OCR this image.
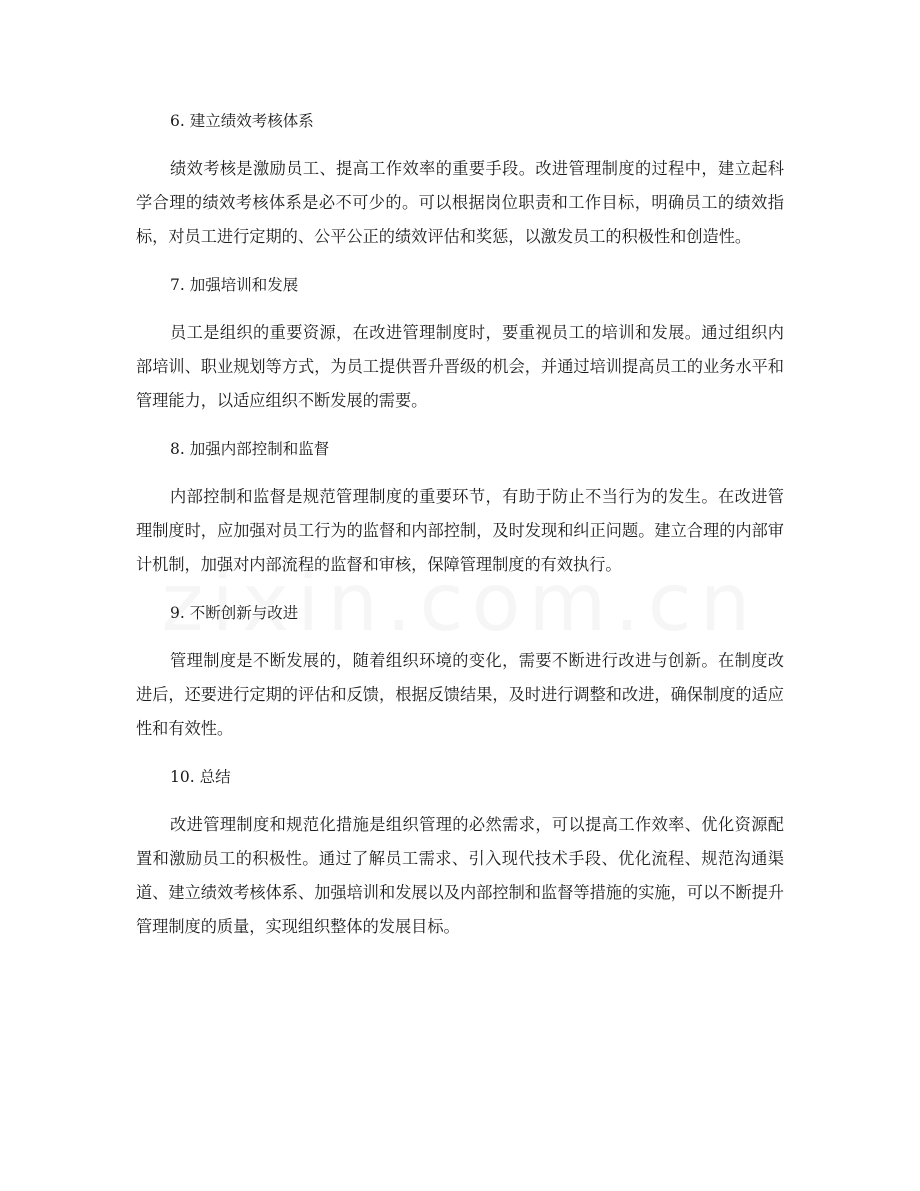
6. 建立绩效考核体系

绩效考核是激励员工、提高工作效率的重要手段。改进管理制度的过程中，建立起科学合理的绩效考核体系是必不可少的。可以根据岗位职责和工作目标，明确员工的绩效指标，对员工进行定期的、公平公正的绩效评估和奖惩，以激发员工的积极性和创造性。

7. 加强培训和发展

员工是组织的重要资源，在改进管理制度时，要重视员工的培训和发展。通过组织内部培训、职业规划等方式，为员工提供晋升晋级的机会，并通过培训提高员工的业务水平和管理能力，以适应组织不断发展的需要。

8. 加强内部控制和监督

内部控制和监督是规范管理制度的重要环节，有助于防止不当行为的发生。在改进管理制度时，应加强对员工行为的监督和内部控制，及时发现和纠正问题。建立合理的内部审计机制，加强对内部流程的监督和审核，保障管理制度的有效执行。

9. 不断创新与改进

管理制度是不断发展的，随着组织环境的变化，需要不断进行改进与创新。在制度改进后，还要进行定期的评估和反馈，根据反馈结果，及时进行调整和改进，确保制度的适应性和有效性。

10. 总结

改进管理制度和规范化措施是组织管理的必然需求，可以提高工作效率、优化资源配置和激励员工的积极性。通过了解员工需求、引入现代技术手段、优化流程、规范沟通渠道、建立绩效考核体系、加强培训和发展以及内部控制和监督等措施的实施，可以不断提升管理制度的质量，实现组织整体的发展目标。
